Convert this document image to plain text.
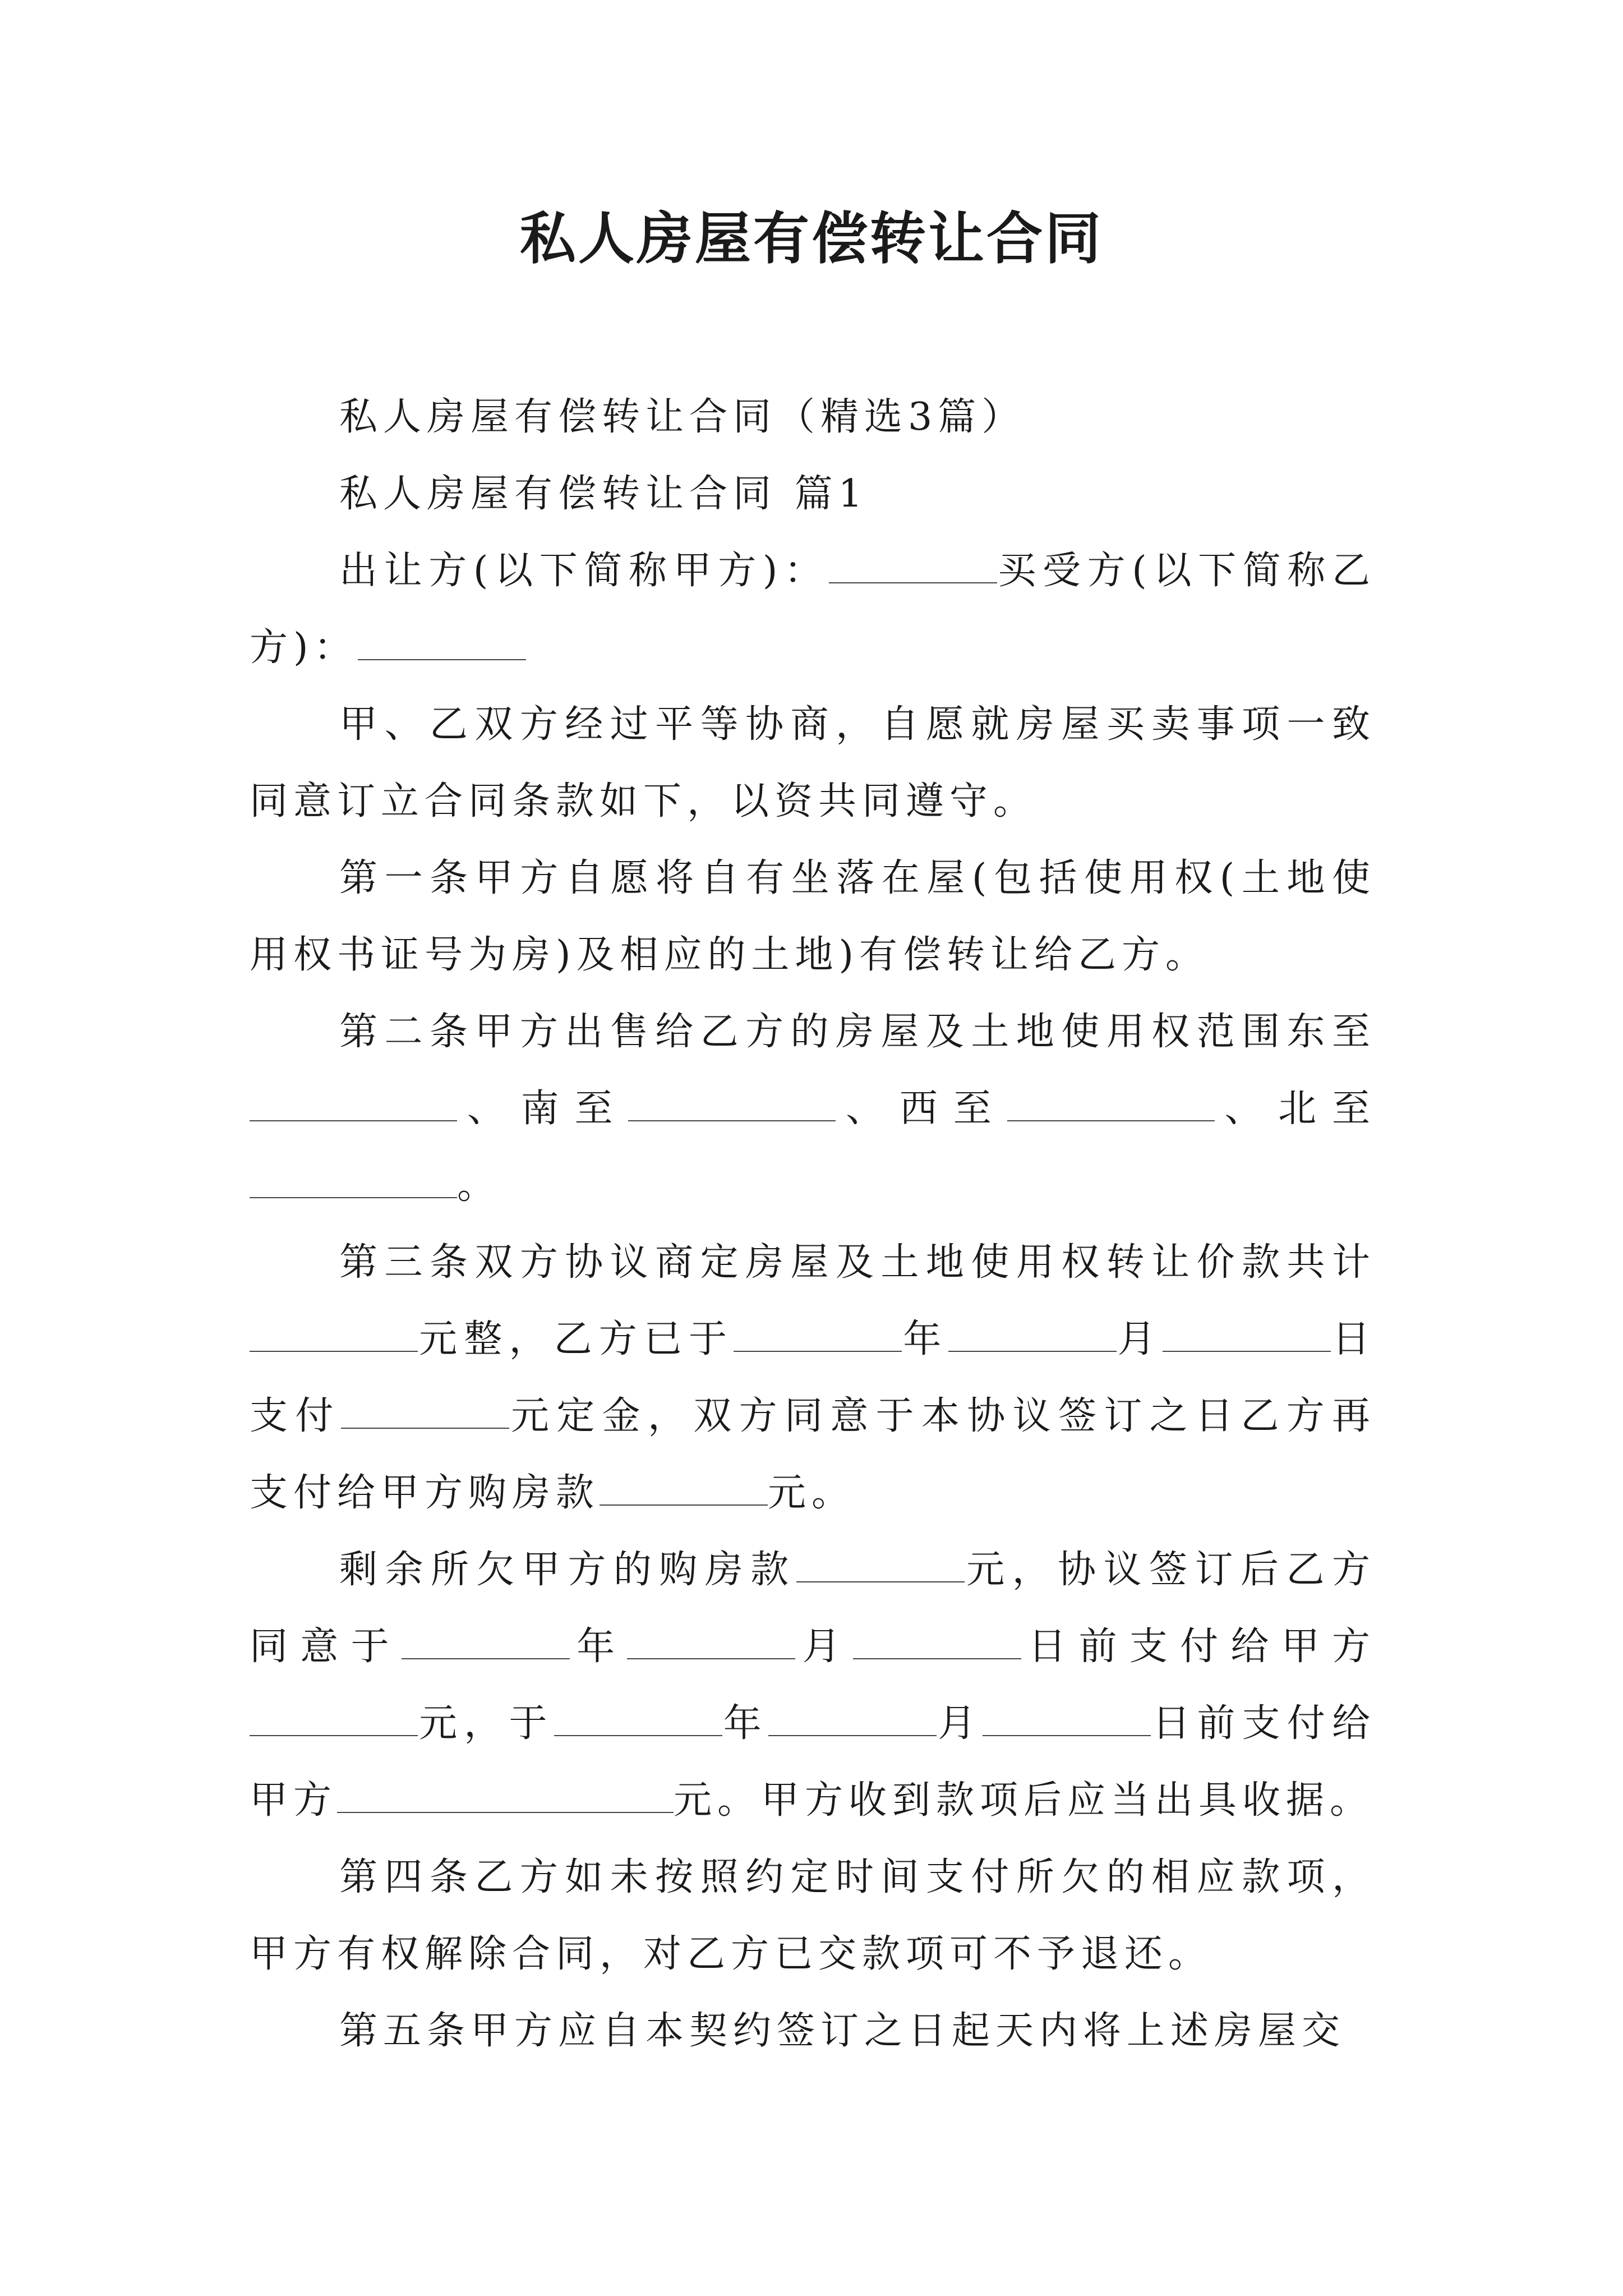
私人房屋有偿转让合同

私人房屋有偿转让合同（精选3篇）

私人房屋有偿转让合同 篇1

出让方(以下简称甲方)：	买受方(以下简称乙方)：

甲、乙双方经过平等协商，自愿就房屋买卖事项一致同意订立合同条款如下，以资共同遵守。

第一条甲方自愿将自有坐落在屋(包括使用权(土地使用权书证号为房)及相应的土地)有偿转让给乙方。

第二条甲方出售给乙方的房屋及土地使用权范围东至、南至	、西至	、北至。

第三条双方协议商定房屋及土地使用权转让价款共计元整，乙方已于	年	月	日支付	元定金，双方同意于本协议签订之日乙方再支付给甲方购房款	元。

剩余所欠甲方的购房款	元，协议签订后乙方同意于	年	月	日前支付给甲方元，于	年	月	日前支付给甲方	元。甲方收到款项后应当出具收据。

第四条乙方如未按照约定时间支付所欠的相应款项，甲方有权解除合同，对乙方已交款项可不予退还。

第五条甲方应自本契约签订之日起天内将上述房屋交
